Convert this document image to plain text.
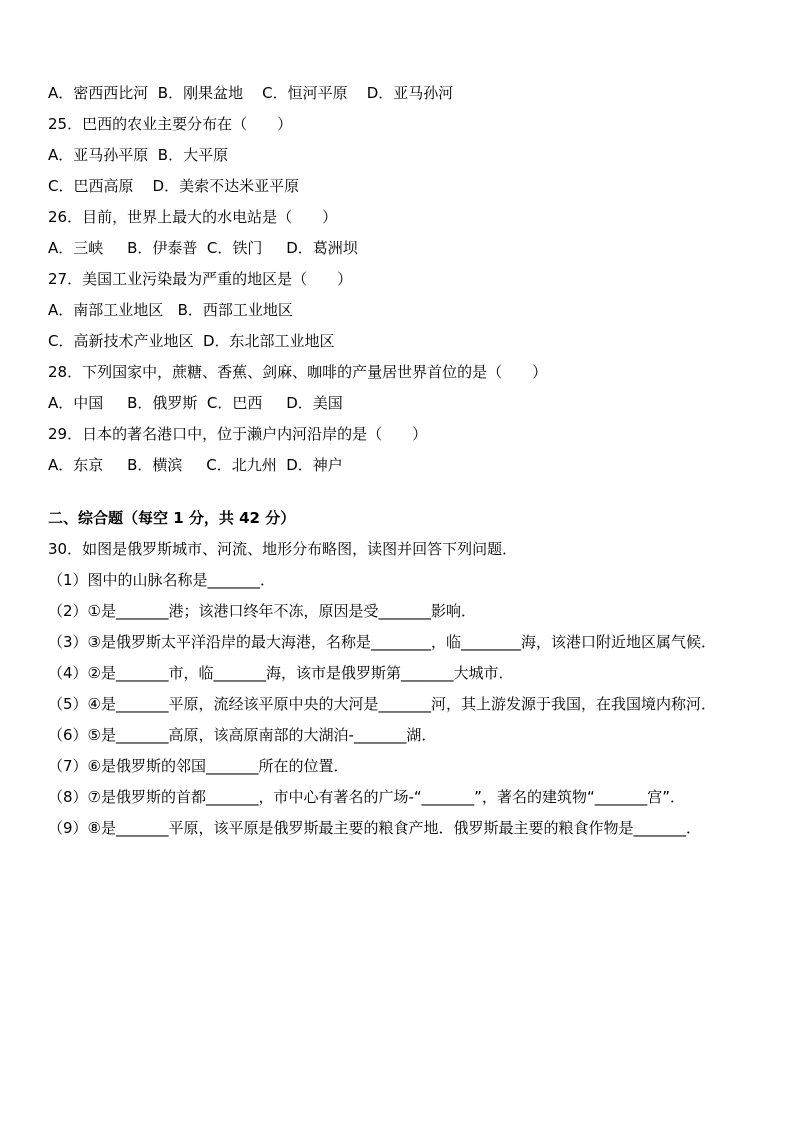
A．密西西比河  B．刚果盆地    C．恒河平原    D．亚马孙河
25．巴西的农业主要分布在（　　）
A．亚马孙平原  B．大平原
C．巴西高原    D．美索不达米亚平原
26．目前，世界上最大的水电站是（　　）
A．三峡     B．伊泰普  C．铁门     D．葛洲坝
27．美国工业污染最为严重的地区是（　　）
A．南部工业地区   B．西部工业地区
C．高新技术产业地区  D．东北部工业地区
28．下列国家中，蔗糖、香蕉、剑麻、咖啡的产量居世界首位的是（　　）
A．中国     B．俄罗斯  C．巴西     D．美国
29．日本的著名港口中，位于濑户内河沿岸的是（　　）
A．东京     B．横滨     C．北九州  D．神户
二、综合题（每空 1 分，共 42 分）
30．如图是俄罗斯城市、河流、地形分布略图，读图并回答下列问题．
（1）图中的山脉名称是_______．
（2）①是_______港；该港口终年不冻，原因是受_______影响．
（3）③是俄罗斯太平洋沿岸的最大海港，名称是________，临________海，该港口附近地区属气候．
（4）②是_______市，临_______海，该市是俄罗斯第_______大城市．
（5）④是_______平原，流经该平原中央的大河是_______河，其上游发源于我国，在我国境内称河．
（6）⑤是_______高原，该高原南部的大湖泊-_______湖．
（7）⑥是俄罗斯的邻国_______所在的位置．
（8）⑦是俄罗斯的首都_______，市中心有著名的广场-“_______”，著名的建筑物“_______宫”．
（9）⑧是_______平原，该平原是俄罗斯最主要的粮食产地．俄罗斯最主要的粮食作物是_______．
